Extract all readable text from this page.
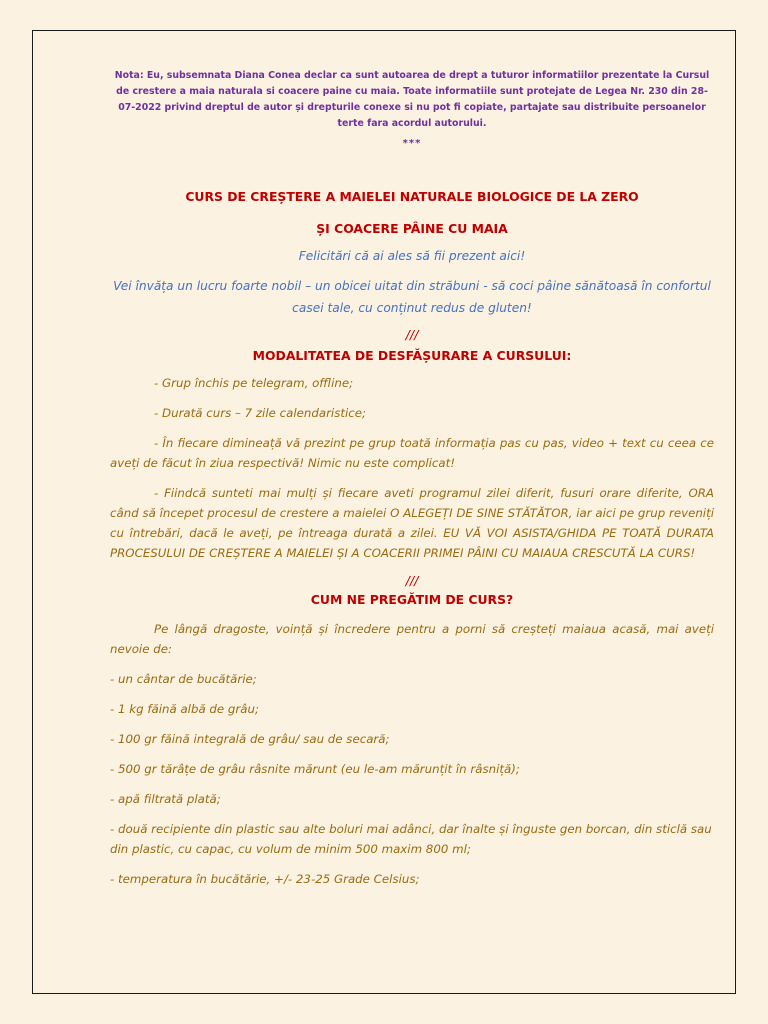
Nota: Eu, subsemnata Diana Conea declar ca sunt autoarea de drept a tuturor informatiilor prezentate la Cursul de crestere a maia naturala si coacere paine cu maia. Toate informatiile sunt protejate de Legea Nr. 230 din 28-07-2022 privind dreptul de autor și drepturile conexe si nu pot fi copiate, partajate sau distribuite persoanelor terte fara acordul autorului.

***

CURS DE CREȘTERE A MAIELEI NATURALE BIOLOGICE DE LA ZERO

ȘI COACERE PÂINE CU MAIA

Felicitări că ai ales să fii prezent aici!

Vei învăța un lucru foarte nobil – un obicei uitat din străbuni - să coci pâine sănătoasă în confortul casei tale, cu conținut redus de gluten!

///

MODALITATEA DE DESFĂȘURARE A CURSULUI:

- Grup închis pe telegram, offline;

- Durată curs – 7 zile calendaristice;

- În fiecare dimineață vă prezint pe grup toată informația pas cu pas, video + text cu ceea ce aveți de făcut în ziua respectivă! Nimic nu este complicat!

- Fiindcă sunteti mai mulți și fiecare aveti programul zilei diferit, fusuri orare diferite, ORA când să începet procesul de crestere a maielei O ALEGEȚI DE SINE STĂTĂTOR, iar aici pe grup reveniți cu întrebări, dacă le aveți, pe întreaga durată a zilei. EU VĂ VOI ASISTA/GHIDA PE TOATĂ DURATA PROCESULUI DE CREȘTERE A MAIELEI ȘI A COACERII PRIMEI PÂINI CU MAIAUA CRESCUTĂ LA CURS!

///

CUM NE PREGĂTIM DE CURS?

Pe lângă dragoste, voință și încredere pentru a porni să creșteți maiaua acasă, mai aveți nevoie de:

- un cântar de bucătărie;

- 1 kg făină albă de grâu;

- 100 gr făină integrală de grâu/ sau de secară;

- 500 gr tărâțe de grâu râsnite mărunt (eu le-am mărunțit în râsniță);

- apă filtrată plată;

- două recipiente din plastic sau alte boluri mai adânci, dar înalte și înguste gen borcan, din sticlă sau din plastic, cu capac, cu volum de minim 500 maxim 800 ml;

- temperatura în bucătărie, +/- 23-25 Grade Celsius;
